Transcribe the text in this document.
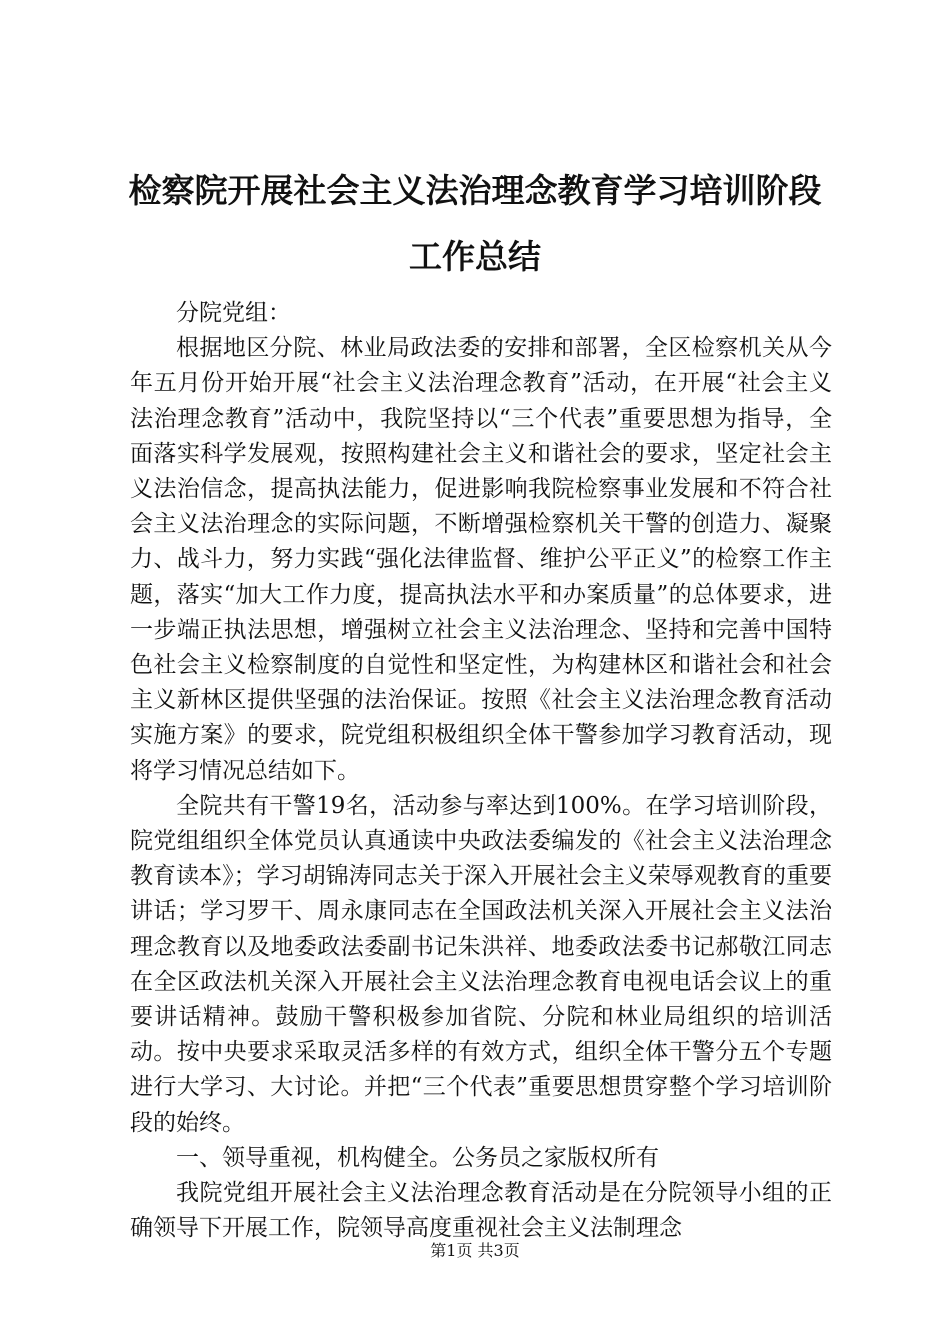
检察院开展社会主义法治理念教育学习培训阶段工作总结

分院党组：

根据地区分院、林业局政法委的安排和部署，全区检察机关从今年五月份开始开展“社会主义法治理念教育”活动，在开展“社会主义法治理念教育”活动中，我院坚持以“三个代表”重要思想为指导，全面落实科学发展观，按照构建社会主义和谐社会的要求，坚定社会主义法治信念，提高执法能力，促进影响我院检察事业发展和不符合社会主义法治理念的实际问题，不断增强检察机关干警的创造力、凝聚力、战斗力，努力实践“强化法律监督、维护公平正义”的检察工作主题，落实“加大工作力度，提高执法水平和办案质量”的总体要求，进一步端正执法思想，增强树立社会主义法治理念、坚持和完善中国特色社会主义检察制度的自觉性和坚定性，为构建林区和谐社会和社会主义新林区提供坚强的法治保证。按照《社会主义法治理念教育活动实施方案》的要求，院党组积极组织全体干警参加学习教育活动，现将学习情况总结如下。

全院共有干警19名，活动参与率达到100%。在学习培训阶段，院党组组织全体党员认真通读中央政法委编发的《社会主义法治理念教育读本》；学习胡锦涛同志关于深入开展社会主义荣辱观教育的重要讲话；学习罗干、周永康同志在全国政法机关深入开展社会主义法治理念教育以及地委政法委副书记朱洪祥、地委政法委书记郝敬江同志在全区政法机关深入开展社会主义法治理念教育电视电话会议上的重要讲话精神。鼓励干警积极参加省院、分院和林业局组织的培训活动。按中央要求采取灵活多样的有效方式，组织全体干警分五个专题进行大学习、大讨论。并把“三个代表”重要思想贯穿整个学习培训阶段的始终。

一、领导重视，机构健全。公务员之家版权所有

我院党组开展社会主义法治理念教育活动是在分院领导小组的正确领导下开展工作，院领导高度重视社会主义法制理念

第1页 共3页
